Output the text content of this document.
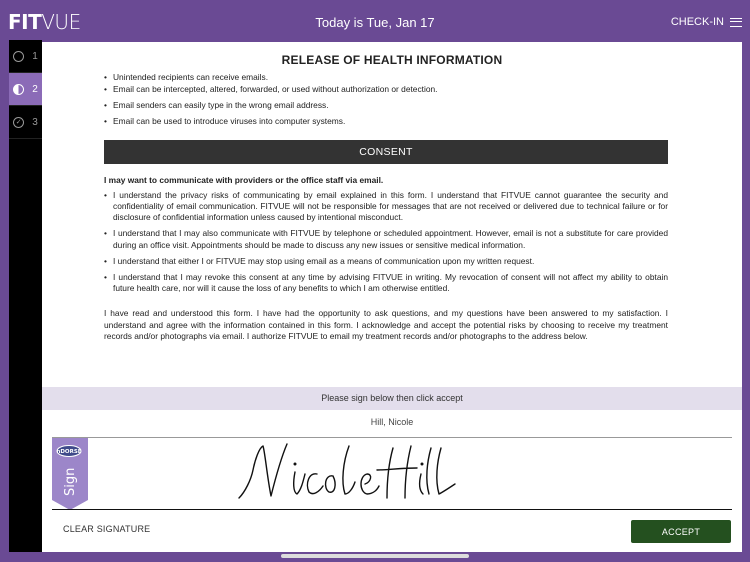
FITVUE	Today is Tue, Jan 17	CHECK-IN
1
2
✓ 3
RELEASE OF HEALTH INFORMATION
• Unintended recipients can receive emails.
• Email can be intercepted, altered, forwarded, or used without authorization or detection.
• Email senders can easily type in the wrong email address.
• Email can be used to introduce viruses into computer systems.
CONSENT
I may want to communicate with providers or the office staff via email.
• I understand the privacy risks of communicating by email explained in this form. I understand that FITVUE cannot guarantee the security and confidentiality of email communication. FITVUE will not be responsible for messages that are not received or delivered due to technical failure or for disclosure of confidential information unless caused by intentional misconduct.
• I understand that I may also communicate with FITVUE by telephone or scheduled appointment. However, email is not a substitute for care provided during an office visit. Appointments should be made to discuss any new issues or sensitive medical information.
• I understand that either I or FITVUE may stop using email as a means of communication upon my written request.
• I understand that I may revoke this consent at any time by advising FITVUE in writing. My revocation of consent will not affect my ability to obtain future health care, nor will it cause the loss of any benefits to which I am otherwise entitled.
I have read and understood this form. I have had the opportunity to ask questions, and my questions have been answered to my satisfaction. I understand and agree with the information contained in this form. I acknowledge and accept the potential risks by choosing to receive my treatment records and/or photographs via email. I authorize FITVUE to email my treatment records and/or photographs to the address below.
Please sign below then click accept
Hill, Nicole
nDORSE
Sign
CLEAR SIGNATURE	ACCEPT
